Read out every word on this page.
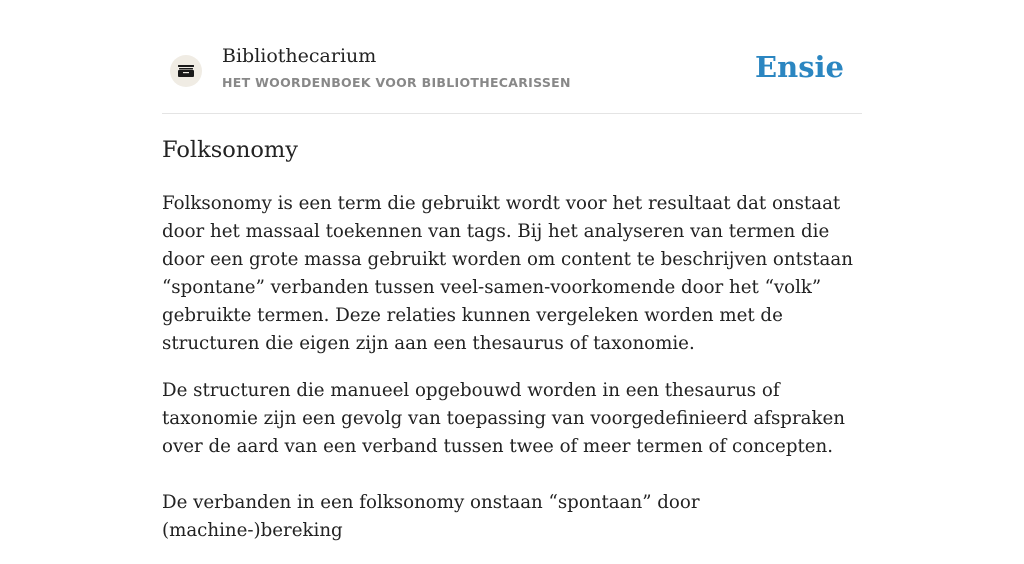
Bibliothecarium
HET WOORDENBOEK VOOR BIBLIOTHECARISSEN	Ensie
Folksonomy

Folksonomy is een term die gebruikt wordt voor het resultaat dat onstaat door het massaal toekennen van tags. Bij het analyseren van termen die door een grote massa gebruikt worden om content te beschrijven ontstaan “spontane” verbanden tussen veel-samen-voorkomende door het “volk” gebruikte termen. Deze relaties kunnen vergeleken worden met de structuren die eigen zijn aan een thesaurus of taxonomie.

De structuren die manueel opgebouwd worden in een thesaurus of taxonomie zijn een gevolg van toepassing van voorgedefinieerd afspraken over de aard van een verband tussen twee of meer termen of concepten.

De verbanden in een folksonomy onstaan “spontaan” door (machine-)bereking
